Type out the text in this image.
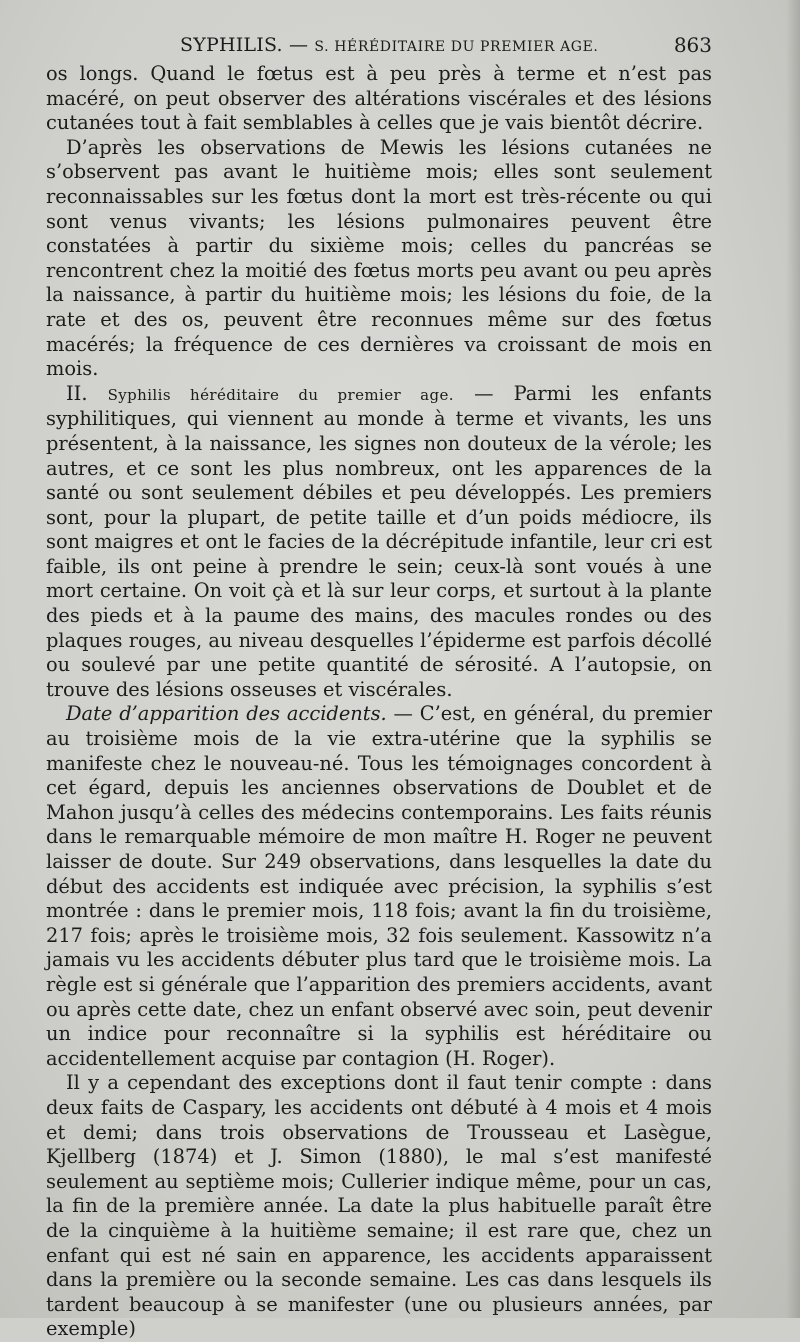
SYPHILIS. — S. HÉRÉDITAIRE DU PREMIER AGE.	863

os longs. Quand le fœtus est à peu près à terme et n’est pas macéré, on peut observer des altérations viscérales et des lésions cutanées tout à fait semblables à celles que je vais bientôt décrire.

D’après les observations de Mewis les lésions cutanées ne s’observent pas avant le huitième mois; elles sont seulement reconnaissables sur les fœtus dont la mort est très-récente ou qui sont venus vivants; les lésions pulmonaires peuvent être constatées à partir du sixième mois; celles du pancréas se rencontrent chez la moitié des fœtus morts peu avant ou peu après la naissance, à partir du huitième mois; les lésions du foie, de la rate et des os, peuvent être reconnues même sur des fœtus macérés; la fréquence de ces dernières va croissant de mois en mois.

II. Syphilis héréditaire du premier age. — Parmi les enfants syphilitiques, qui viennent au monde à terme et vivants, les uns présentent, à la naissance, les signes non douteux de la vérole; les autres, et ce sont les plus nombreux, ont les apparences de la santé ou sont seulement débiles et peu développés. Les premiers sont, pour la plupart, de petite taille et d’un poids médiocre, ils sont maigres et ont le facies de la décrépitude infantile, leur cri est faible, ils ont peine à prendre le sein; ceux-là sont voués à une mort certaine. On voit çà et là sur leur corps, et surtout à la plante des pieds et à la paume des mains, des macules rondes ou des plaques rouges, au niveau desquelles l’épiderme est parfois décollé ou soulevé par une petite quantité de sérosité. A l’autopsie, on trouve des lésions osseuses et viscérales.

Date d’apparition des accidents. — C’est, en général, du premier au troisième mois de la vie extra-utérine que la syphilis se manifeste chez le nouveau-né. Tous les témoignages concordent à cet égard, depuis les anciennes observations de Doublet et de Mahon jusqu’à celles des médecins contemporains. Les faits réunis dans le remarquable mémoire de mon maître H. Roger ne peuvent laisser de doute. Sur 249 observations, dans lesquelles la date du début des accidents est indiquée avec précision, la syphilis s’est montrée : dans le premier mois, 118 fois; avant la fin du troisième, 217 fois; après le troisième mois, 32 fois seulement. Kassowitz n’a jamais vu les accidents débuter plus tard que le troisième mois. La règle est si générale que l’apparition des premiers accidents, avant ou après cette date, chez un enfant observé avec soin, peut devenir un indice pour reconnaître si la syphilis est héréditaire ou accidentellement acquise par contagion (H. Roger).

Il y a cependant des exceptions dont il faut tenir compte : dans deux faits de Caspary, les accidents ont débuté à 4 mois et 4 mois et demi; dans trois observations de Trousseau et Lasègue, Kjellberg (1874) et J. Simon (1880), le mal s’est manifesté seulement au septième mois; Cullerier indique même, pour un cas, la fin de la première année. La date la plus habituelle paraît être de la cinquième à la huitième semaine; il est rare que, chez un enfant qui est né sain en apparence, les accidents apparaissent dans la première ou la seconde semaine. Les cas dans lesquels ils tardent beaucoup à se manifester (une ou plusieurs années, par exemple)
